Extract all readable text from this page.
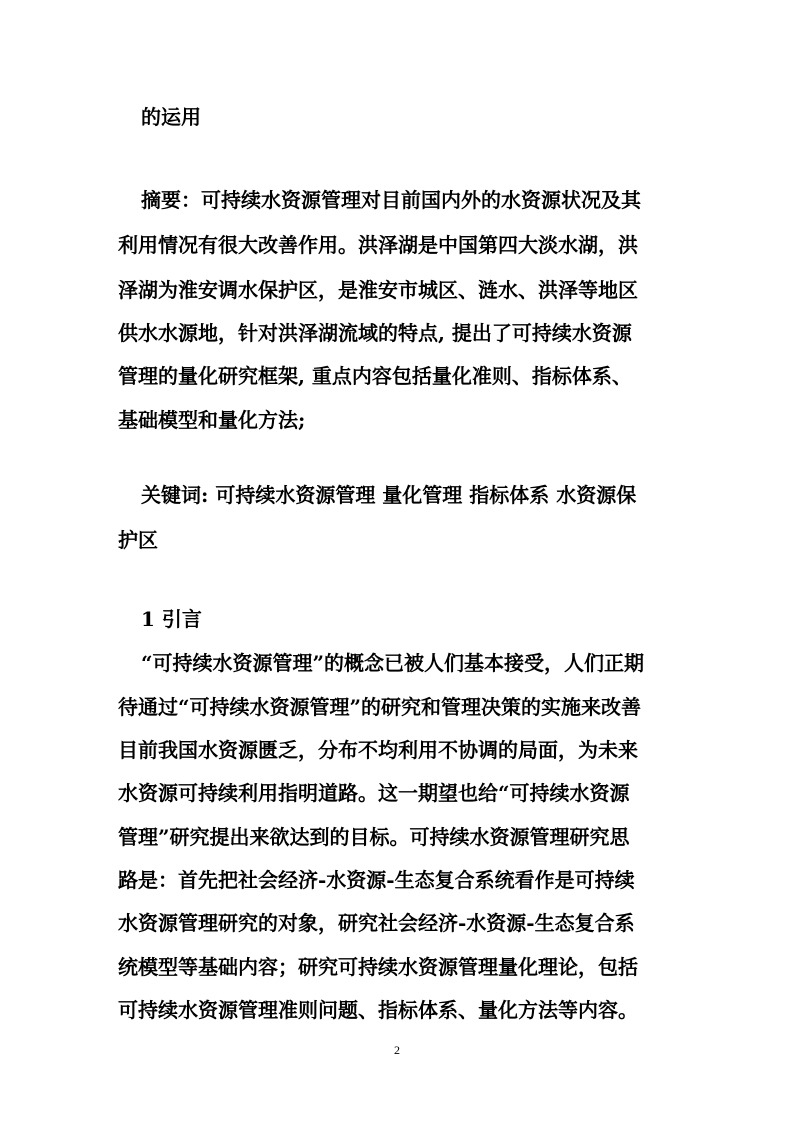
的运用
摘要：可持续水资源管理对目前国内外的水资源状况及其
利用情况有很大改善作用。洪泽湖是中国第四大淡水湖，洪
泽湖为淮安调水保护区，是淮安市城区、涟水、洪泽等地区
供水水源地，针对洪泽湖流域的特点, 提出了可持续水资源
管理的量化研究框架, 重点内容包括量化准则、指标体系、
基础模型和量化方法;
关键词: 可持续水资源管理 量化管理 指标体系 水资源保
护区
1 引言
“可持续水资源管理”的概念已被人们基本接受，人们正期
待通过“可持续水资源管理”的研究和管理决策的实施来改善
目前我国水资源匮乏，分布不均利用不协调的局面，为未来
水资源可持续利用指明道路。这一期望也给“可持续水资源
管理”研究提出来欲达到的目标。可持续水资源管理研究思
路是：首先把社会经济-水资源-生态复合系统看作是可持续
水资源管理研究的对象，研究社会经济-水资源-生态复合系
统模型等基础内容；研究可持续水资源管理量化理论，包括
可持续水资源管理准则问题、指标体系、量化方法等内容。
2
